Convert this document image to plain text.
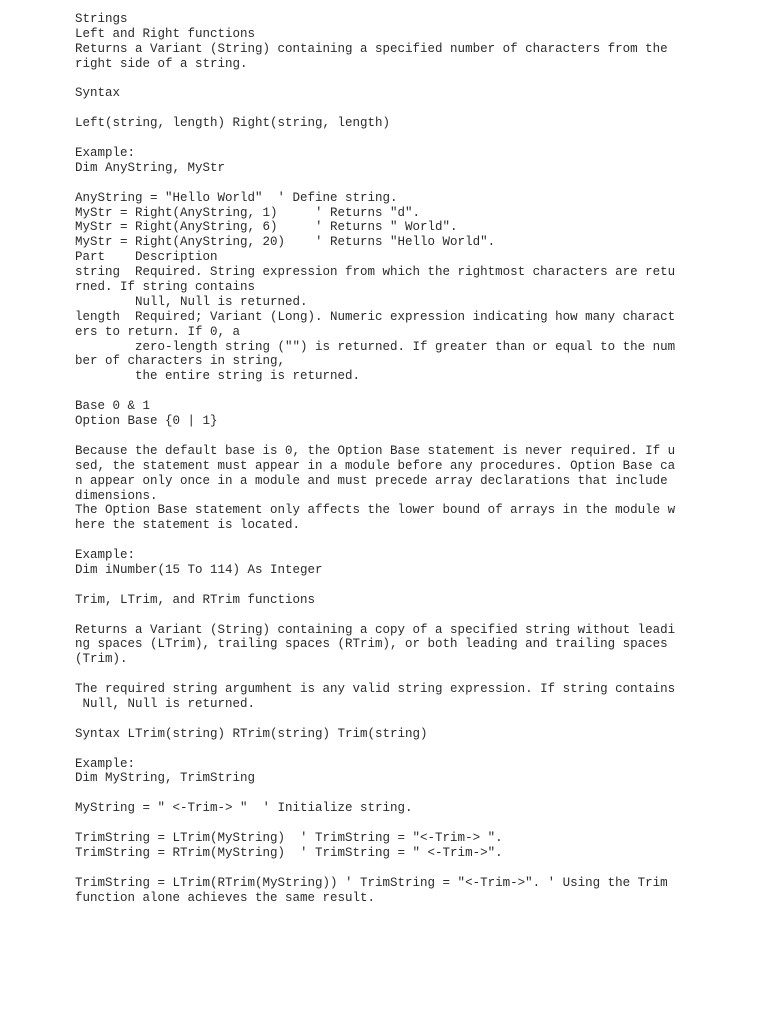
Strings
Left and Right functions
Returns a Variant (String) containing a specified number of characters from the
right side of a string.
Syntax
Left(string, length) Right(string, length)
Example:
Dim AnyString, MyStr
AnyString = "Hello World"  ' Define string.
MyStr = Right(AnyString, 1)     ' Returns "d".
MyStr = Right(AnyString, 6)     ' Returns " World".
MyStr = Right(AnyString, 20)    ' Returns "Hello World".
Part    Description
string  Required. String expression from which the rightmost characters are retu
rned. If string contains
Null, Null is returned.
length  Required; Variant (Long). Numeric expression indicating how many charact
ers to return. If 0, a
zero-length string ("") is returned. If greater than or equal to the num
ber of characters in string,
the entire string is returned.
Base 0 & 1
Option Base {0 | 1}
Because the default base is 0, the Option Base statement is never required. If u
sed, the statement must appear in a module before any procedures. Option Base ca
n appear only once in a module and must precede array declarations that include
dimensions.
The Option Base statement only affects the lower bound of arrays in the module w
here the statement is located.
Example:
Dim iNumber(15 To 114) As Integer
Trim, LTrim, and RTrim functions
Returns a Variant (String) containing a copy of a specified string without leadi
ng spaces (LTrim), trailing spaces (RTrim), or both leading and trailing spaces
(Trim).
The required string argumhent is any valid string expression. If string contains
Null, Null is returned.
Syntax LTrim(string) RTrim(string) Trim(string)
Example:
Dim MyString, TrimString
MyString = " <-Trim-> "  ' Initialize string.
TrimString = LTrim(MyString)  ' TrimString = "<-Trim-> ".
TrimString = RTrim(MyString)  ' TrimString = " <-Trim->".
TrimString = LTrim(RTrim(MyString)) ' TrimString = "<-Trim->". ' Using the Trim
function alone achieves the same result.
